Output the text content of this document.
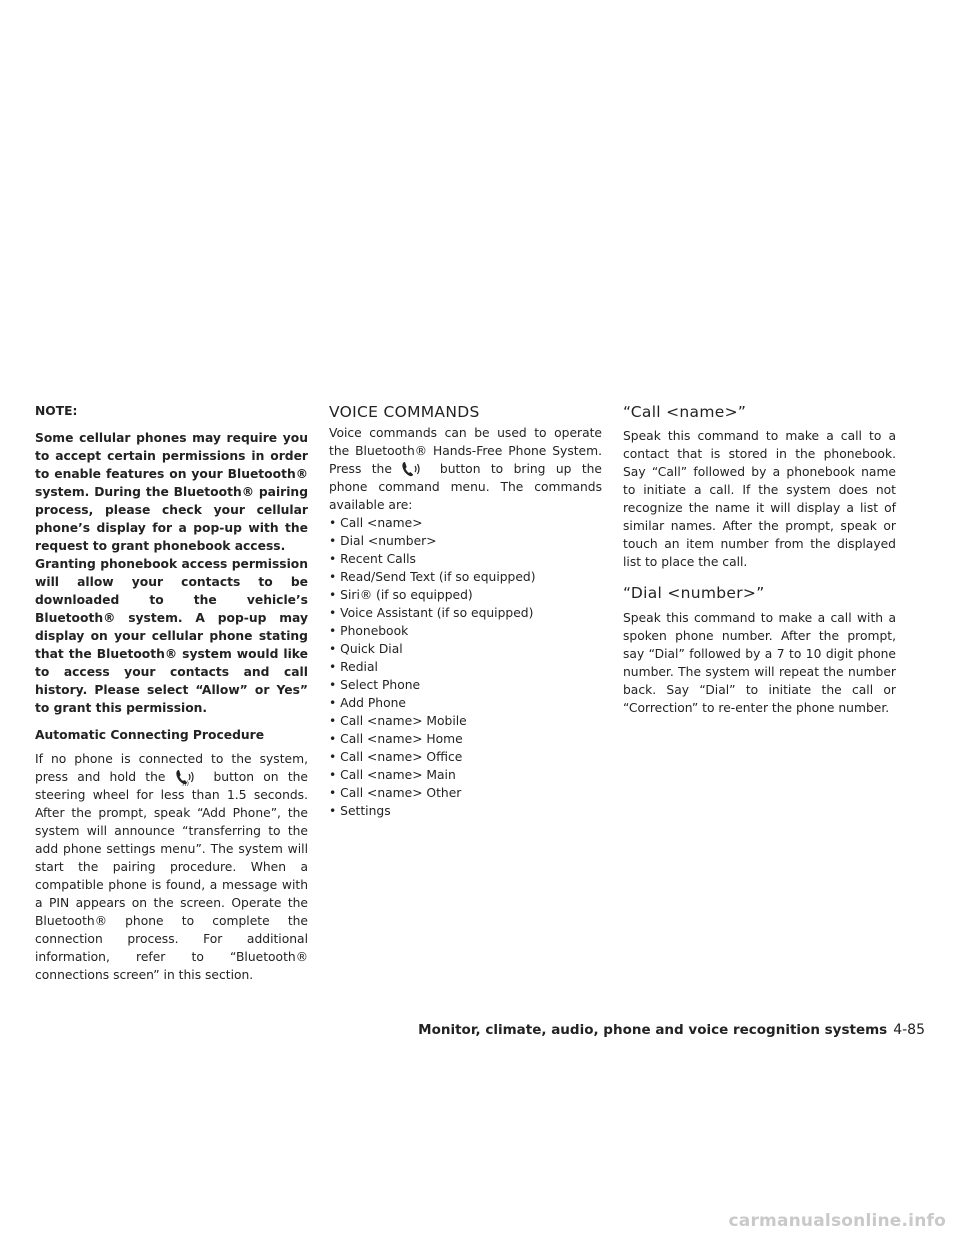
NOTE:

Some cellular phones may require you to accept certain permissions in order to enable features on your Bluetooth® system. During the Bluetooth® pairing process, please check your cellular phone’s display for a pop-up with the request to grant phonebook access.

Granting phonebook access permission will allow your contacts to be downloaded to the vehicle’s Bluetooth® system. A pop-up may display on your cellular phone stating that the Bluetooth® system would like to access your contacts and call history. Please select “Allow” or Yes” to grant this permission.

Automatic Connecting Procedure

If no phone is connected to the system, press and hold the	))) button on the steering wheel for less than 1.5 seconds. After the prompt, speak “Add Phone”, the system will announce “transferring to the add phone settings menu”. The system will start the pairing procedure. When a compatible phone is found, a message with a PIN appears on the screen. Operate the Bluetooth® phone to complete the connection process. For additional information, refer to “Bluetooth® connections screen” in this section.

VOICE COMMANDS

Voice commands can be used to operate the Bluetooth® Hands-Free Phone System. Press the	button to bring up the phone command menu. The commands available are:

• Call <name>
• Dial <number>
• Recent Calls
• Read/Send Text (if so equipped)
• Siri® (if so equipped)
• Voice Assistant (if so equipped)
• Phonebook
• Quick Dial
• Redial
• Select Phone
• Add Phone
• Call <name> Mobile
• Call <name> Home
• Call <name> Office
• Call <name> Main
• Call <name> Other
• Settings
“Call <name>”

Speak this command to make a call to a contact that is stored in the phonebook. Say “Call” followed by a phonebook name to initiate a call. If the system does not recognize the name it will display a list of similar names. After the prompt, speak or touch an item number from the displayed list to place the call.

“Dial <number>”

Speak this command to make a call with a spoken phone number. After the prompt, say “Dial” followed by a 7 to 10 digit phone number. The system will repeat the number back. Say “Dial” to initiate the call or “Correction” to re-enter the phone number.

Monitor, climate, audio, phone and voice recognition systems 4-85
carmanualsonline.info
